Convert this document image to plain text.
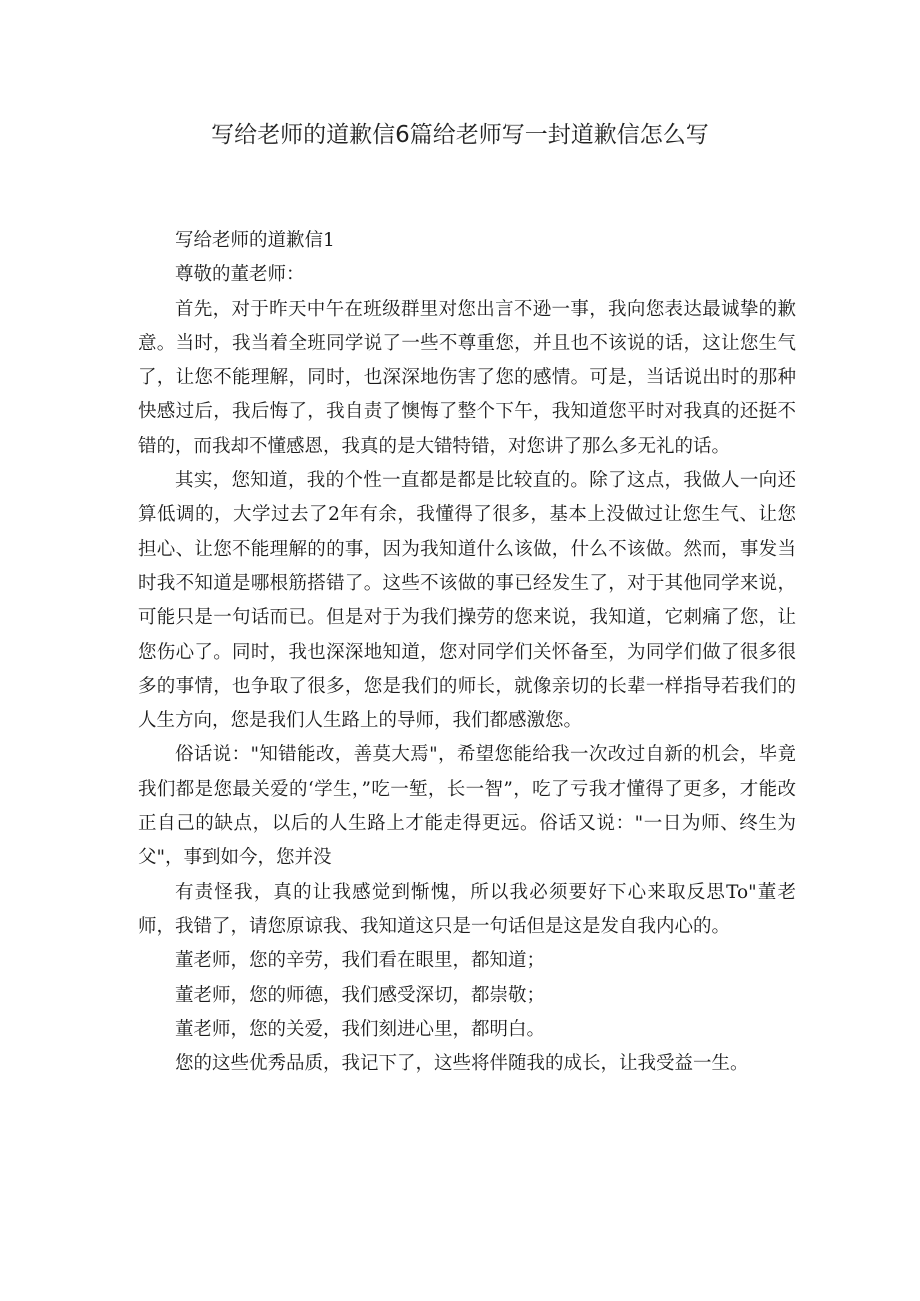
写给老师的道歉信6篇给老师写一封道歉信怎么写

写给老师的道歉信1

尊敬的董老师：

首先，对于昨天中午在班级群里对您出言不逊一事，我向您表达最诚挚的歉意。当时，我当着全班同学说了一些不尊重您，并且也不该说的话，这让您生气了，让您不能理解，同时，也深深地伤害了您的感情。可是，当话说出时的那种快感过后，我后悔了，我自责了懊悔了整个下午，我知道您平时对我真的还挺不错的，而我却不懂感恩，我真的是大错特错，对您讲了那么多无礼的话。

其实，您知道，我的个性一直都是都是比较直的。除了这点，我做人一向还算低调的，大学过去了2年有余，我懂得了很多，基本上没做过让您生气、让您担心、让您不能理解的的事，因为我知道什么该做，什么不该做。然而，事发当时我不知道是哪根筋搭错了。这些不该做的事已经发生了，对于其他同学来说，可能只是一句话而已。但是对于为我们操劳的您来说，我知道，它刺痛了您，让您伤心了。同时，我也深深地知道，您对同学们关怀备至，为同学们做了很多很多的事情，也争取了很多，您是我们的师长，就像亲切的长辈一样指导若我们的人生方向，您是我们人生路上的导师，我们都感激您。

俗话说："知错能改，善莫大焉"，希望您能给我一次改过自新的机会，毕竟我们都是您最关爱的‘学生，”吃一堑，长一智”，吃了亏我才懂得了更多，才能改正自己的缺点，以后的人生路上才能走得更远。俗话又说："一日为师、终生为父"，事到如今，您并没

有责怪我，真的让我感觉到惭愧，所以我必须要好下心来取反思To"董老师，我错了，请您原谅我、我知道这只是一句话但是这是发自我内心的。

董老师，您的辛劳，我们看在眼里，都知道；

董老师，您的师德，我们感受深切，都崇敬；

董老师，您的关爱，我们刻进心里，都明白。

您的这些优秀品质，我记下了，这些将伴随我的成长，让我受益一生。
